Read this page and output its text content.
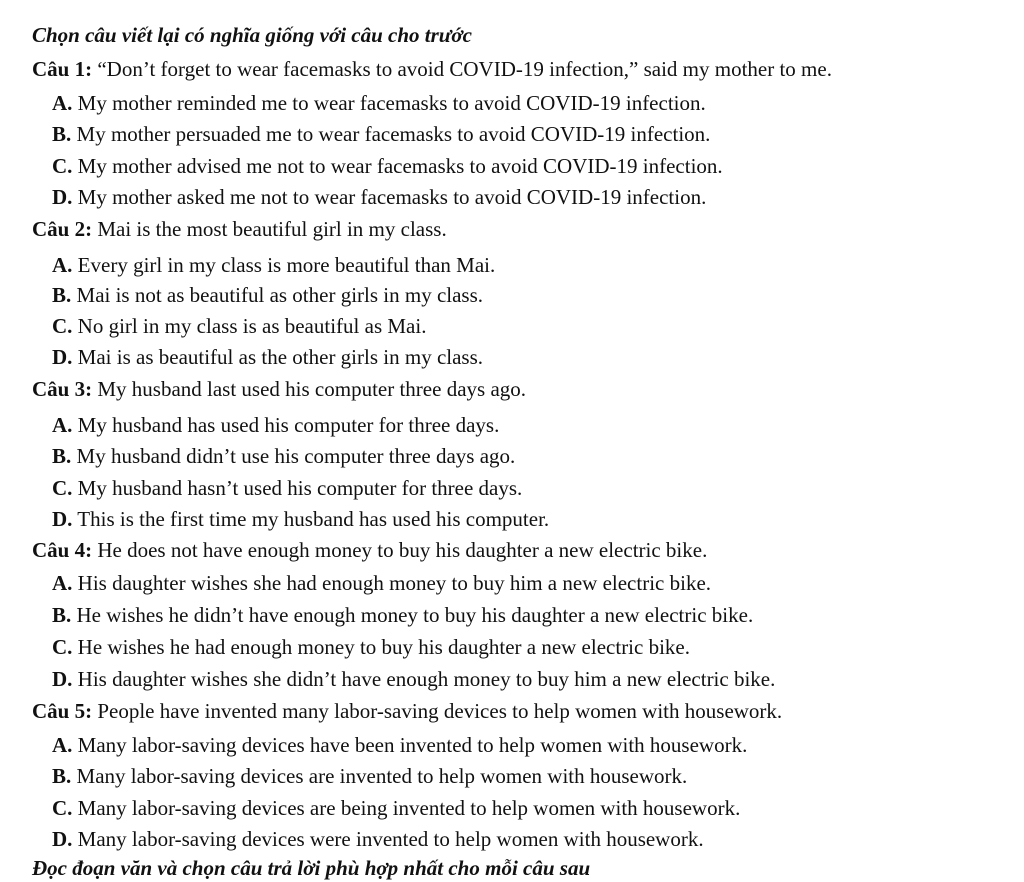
Chọn câu viết lại có nghĩa giống với câu cho trước
Câu 1: “Don’t forget to wear facemasks to avoid COVID-19 infection,” said my mother to me.
A. My mother reminded me to wear facemasks to avoid COVID-19 infection.
B. My mother persuaded me to wear facemasks to avoid COVID-19 infection.
C. My mother advised me not to wear facemasks to avoid COVID-19 infection.
D. My mother asked me not to wear facemasks to avoid COVID-19 infection.
Câu 2: Mai is the most beautiful girl in my class.
A. Every girl in my class is more beautiful than Mai.
B. Mai is not as beautiful as other girls in my class.
C. No girl in my class is as beautiful as Mai.
D. Mai is as beautiful as the other girls in my class.
Câu 3: My husband last used his computer three days ago.
A. My husband has used his computer for three days.
B. My husband didn’t use his computer three days ago.
C. My husband hasn’t used his computer for three days.
D. This is the first time my husband has used his computer.
Câu 4: He does not have enough money to buy his daughter a new electric bike.
A. His daughter wishes she had enough money to buy him a new electric bike.
B. He wishes he didn’t have enough money to buy his daughter a new electric bike.
C. He wishes he had enough money to buy his daughter a new electric bike.
D. His daughter wishes she didn’t have enough money to buy him a new electric bike.
Câu 5: People have invented many labor-saving devices to help women with housework.
A. Many labor-saving devices have been invented to help women with housework.
B. Many labor-saving devices are invented to help women with housework.
C. Many labor-saving devices are being invented to help women with housework.
D. Many labor-saving devices were invented to help women with housework.
Đọc đoạn văn và chọn câu trả lời phù hợp nhất cho mỗi câu sau
